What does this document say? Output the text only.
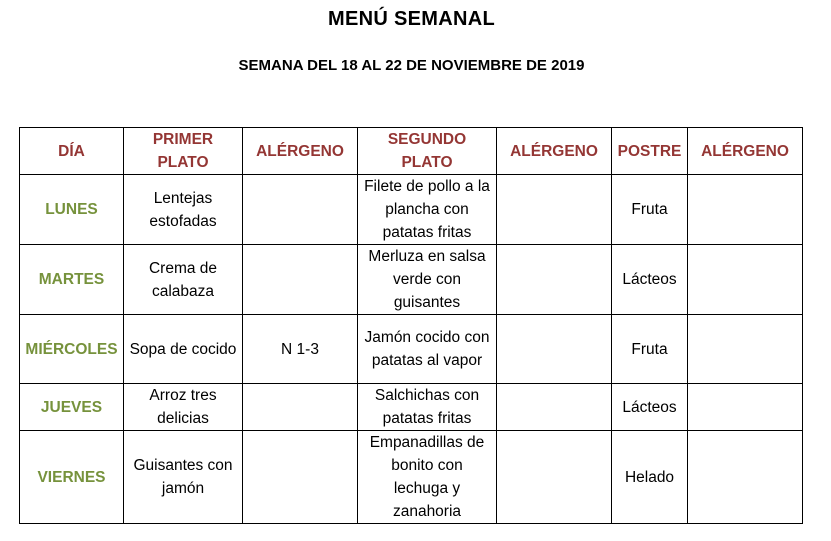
MENÚ SEMANAL
SEMANA DEL 18 AL 22 DE NOVIEMBRE DE 2019
DÍA	PRIMER PLATO	ALÉRGENO	SEGUNDO PLATO	ALÉRGENO	POSTRE	ALÉRGENO
LUNES	Lentejas estofadas		Filete de pollo a la plancha con patatas fritas		Fruta	
MARTES	Crema de calabaza		Merluza en salsa verde con guisantes		Lácteos	
MIÉRCOLES	Sopa de cocido	N 1-3	Jamón cocido con patatas al vapor		Fruta	
JUEVES	Arroz tres delicias		Salchichas con patatas fritas		Lácteos	
VIERNES	Guisantes con jamón		Empanadillas de bonito con lechuga y zanahoria		Helado	
